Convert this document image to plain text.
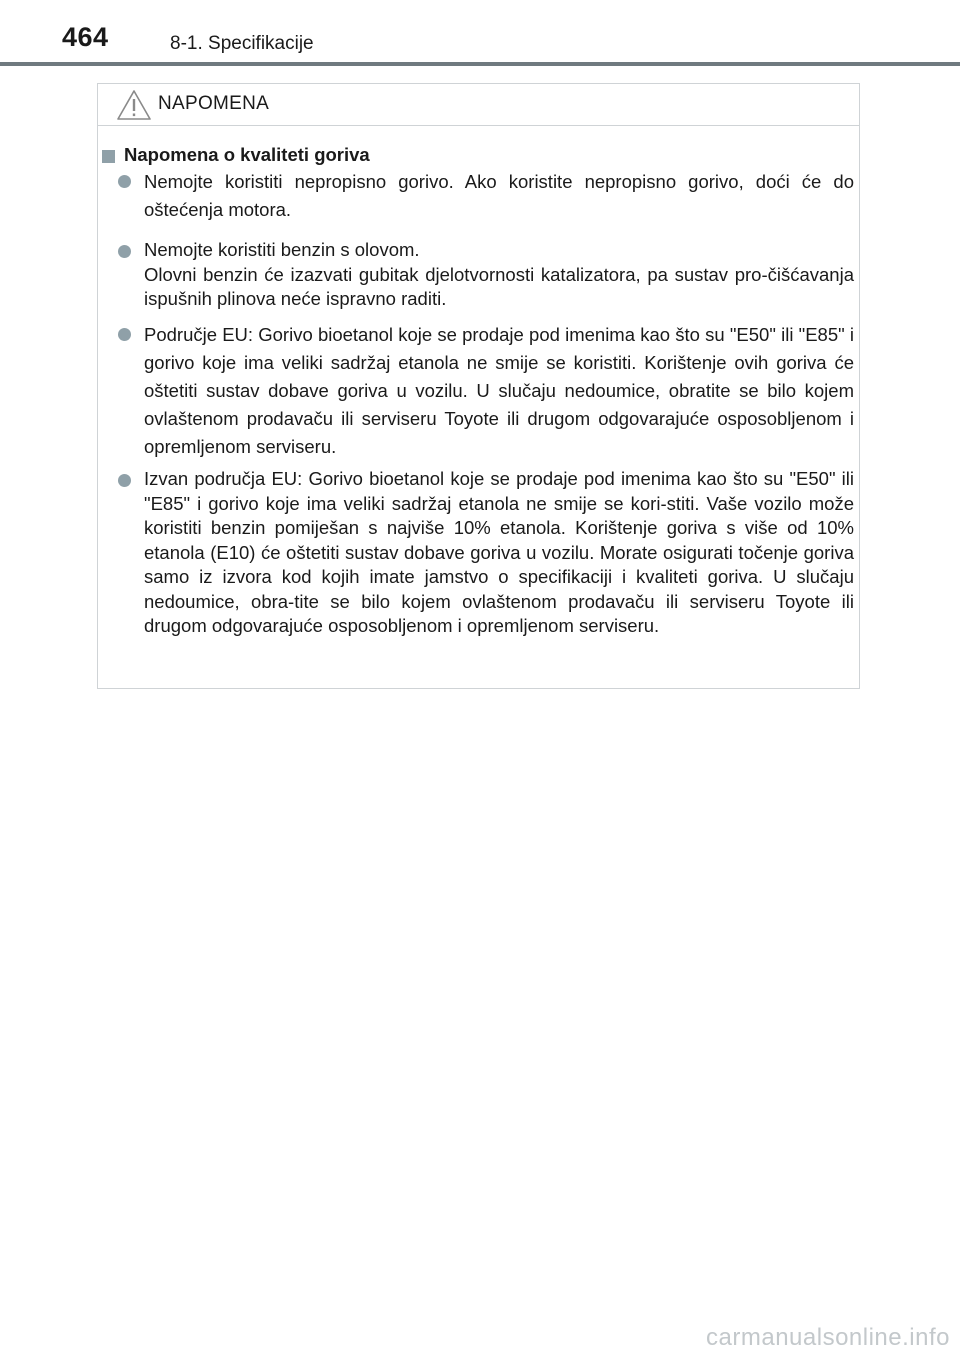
464	8-1. Specifikacije
NAPOMENA
Napomena o kvaliteti goriva
Nemojte koristiti nepropisno gorivo. Ako koristite nepropisno gorivo, doći će do oštećenja motora.
Nemojte koristiti benzin s olovom.
Olovni benzin će izazvati gubitak djelotvornosti katalizatora, pa sustav pro-čišćavanja ispušnih plinova neće ispravno raditi.
Područje EU: Gorivo bioetanol koje se prodaje pod imenima kao što su "E50" ili "E85" i gorivo koje ima veliki sadržaj etanola ne smije se koristiti. Korištenje ovih goriva će oštetiti sustav dobave goriva u vozilu. U slučaju nedoumice, obratite se bilo kojem ovlaštenom prodavaču ili serviseru Toyote ili drugom odgovarajuće osposobljenom i opremljenom serviseru.
Izvan područja EU: Gorivo bioetanol koje se prodaje pod imenima kao što su "E50" ili "E85" i gorivo koje ima veliki sadržaj etanola ne smije se kori-stiti. Vaše vozilo može koristiti benzin pomiješan s najviše 10% etanola. Korištenje goriva s više od 10% etanola (E10) će oštetiti sustav dobave goriva u vozilu. Morate osigurati točenje goriva samo iz izvora kod kojih imate jamstvo o specifikaciji i kvaliteti goriva. U slučaju nedoumice, obra-tite se bilo kojem ovlaštenom prodavaču ili serviseru Toyote ili drugom odgovarajuće osposobljenom i opremljenom serviseru.
carmanualsonline.info
